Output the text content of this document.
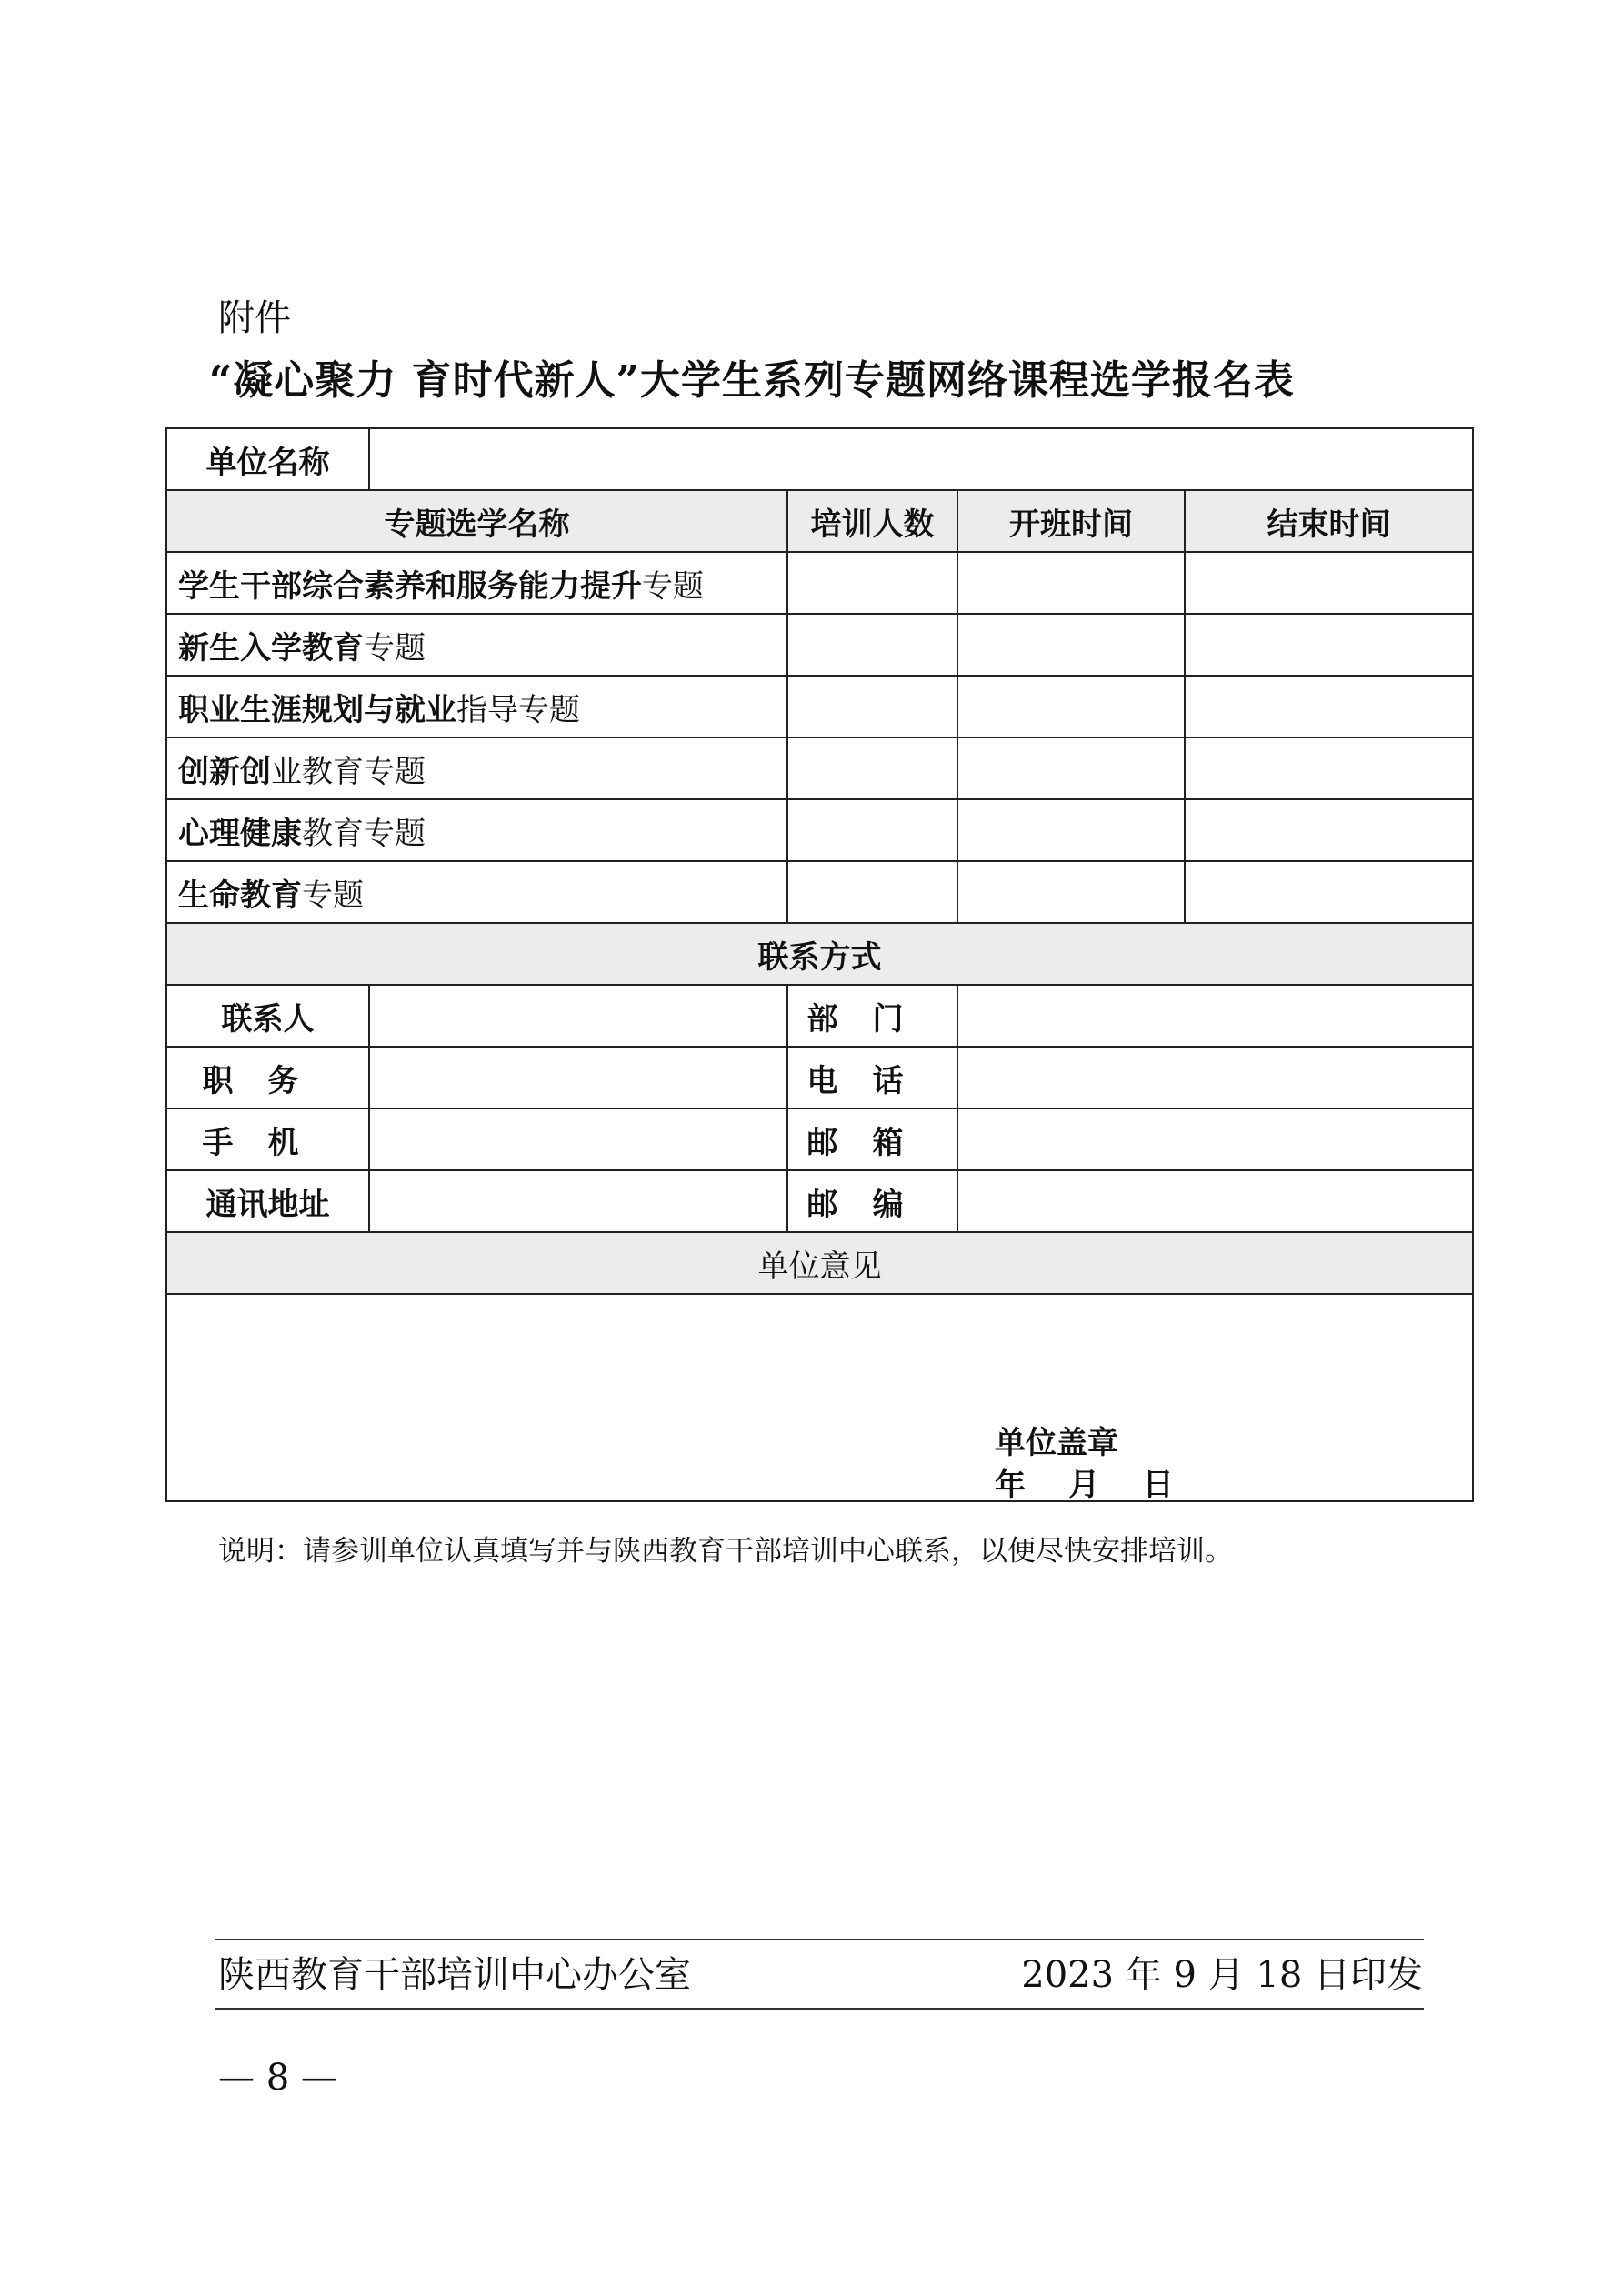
附件
“凝心聚力 育时代新人”大学生系列专题网络课程选学报名表
单位名称				
专题选学名称		培训人数	开班时间	结束时间
学生干部综合素养和服务能力提升专题				
新生入学教育专题				
职业生涯规划与就业指导专题				
创新创业教育专题				
心理健康教育专题				
生命教育专题				
联系方式				
联系人		部门		
职务		电话		
手机		邮箱		
通讯地址		邮编		
单位意见				

单位盖章
年    月    日				
说明：请参训单位认真填写并与陕西教育干部培训中心联系，以便尽快安排培训。
陕西教育干部培训中心办公室	2023 年 9 月 18 日印发
— 8 —
